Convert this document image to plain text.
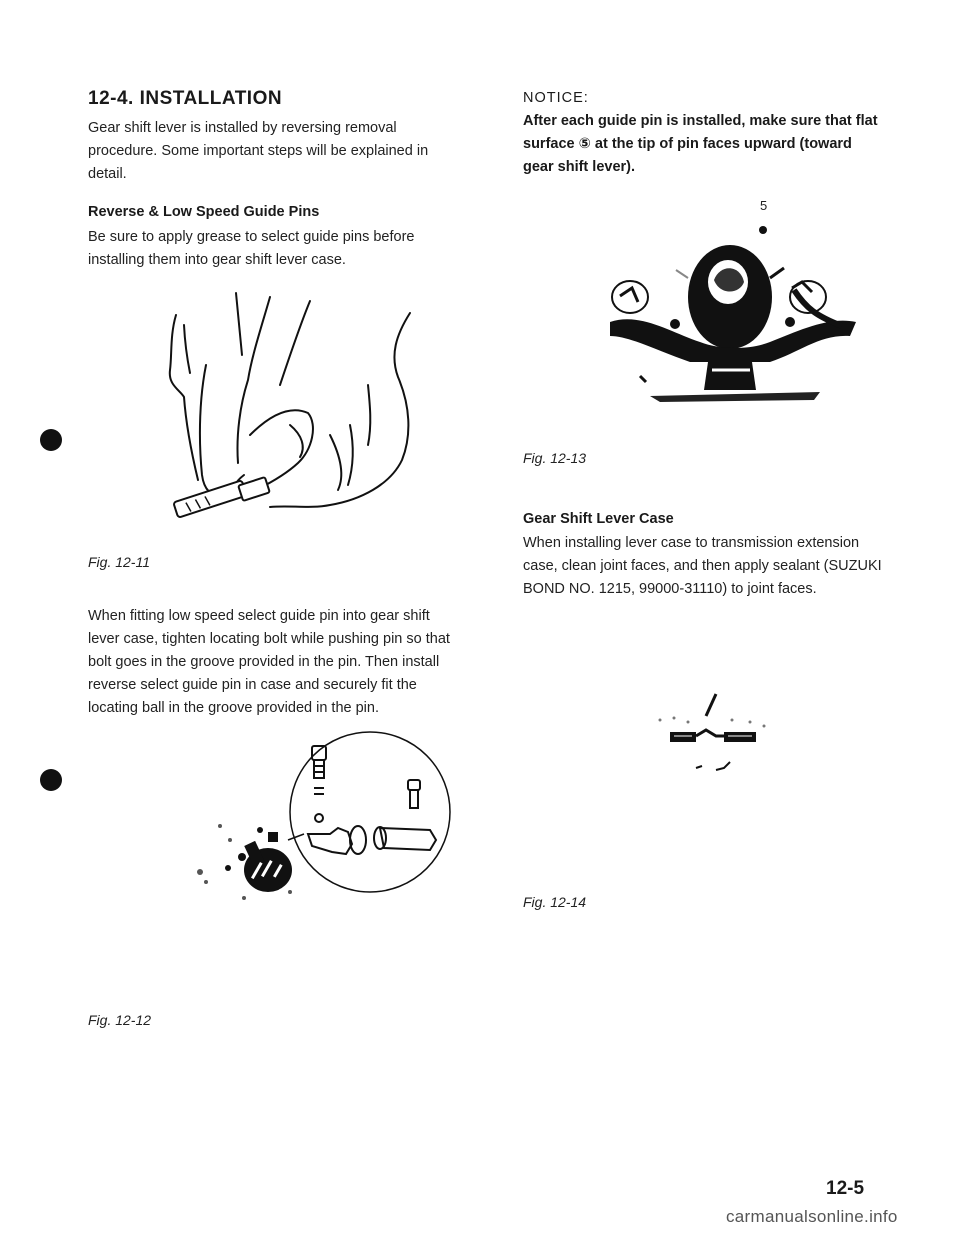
12-4. INSTALLATION
Gear shift lever is installed by reversing removal procedure. Some important steps will be explained in detail.
Reverse & Low Speed Guide Pins
Be sure to apply grease to select guide pins before installing them into gear shift lever case.
Fig. 12-11
When fitting low speed select guide pin into gear shift lever case, tighten locating bolt while pushing pin so that bolt goes in the groove provided in the pin. Then install reverse select guide pin in case and securely fit the locating ball in the groove provided in the pin.
Fig. 12-12
NOTICE:
After each guide pin is installed, make sure that flat surface ⑤ at the tip of pin faces upward (toward gear shift lever).
5
Fig. 12-13
Gear Shift Lever Case
When installing lever case to transmission extension case, clean joint faces, and then apply sealant (SUZUKI BOND NO. 1215, 99000-31110) to joint faces.
Fig. 12-14
12-5
carmanualsonline.info
